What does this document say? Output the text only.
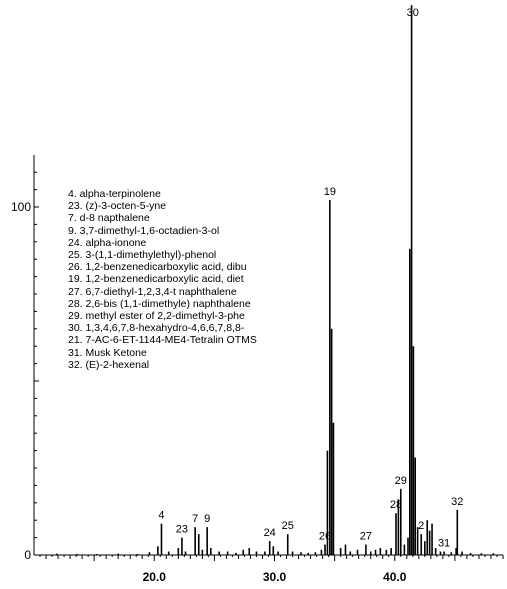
4
23
7 9
24
25
26
19
27
28
29
30
2
31
32
20.0	30.0	40.0
0
100
4. alpha-terpinolene
23. (z)-3-octen-5-yne
7. d-8 napthalene
9. 3,7-dimethyl-1,6-octadien-3-ol
24. alpha-ionone
25. 3-(1,1-dimethylethyl)-phenol
26. 1,2-benzenedicarboxylic acid, dibu
19. 1,2-benzenedicarboxylic acid, diet
27. 6,7-diethyl-1,2,3,4-t naphthalene
28. 2,6-bis (1,1-dimethyle) naphthalene
29. methyl ester of 2,2-dimethyl-3-phe
30. 1,3,4,6,7,8-hexahydro-4,6,6,7,8,8-
21. 7-AC-6-ET-1144-ME4-Tetralin OTMS
31. Musk Ketone
32. (E)-2-hexenal
